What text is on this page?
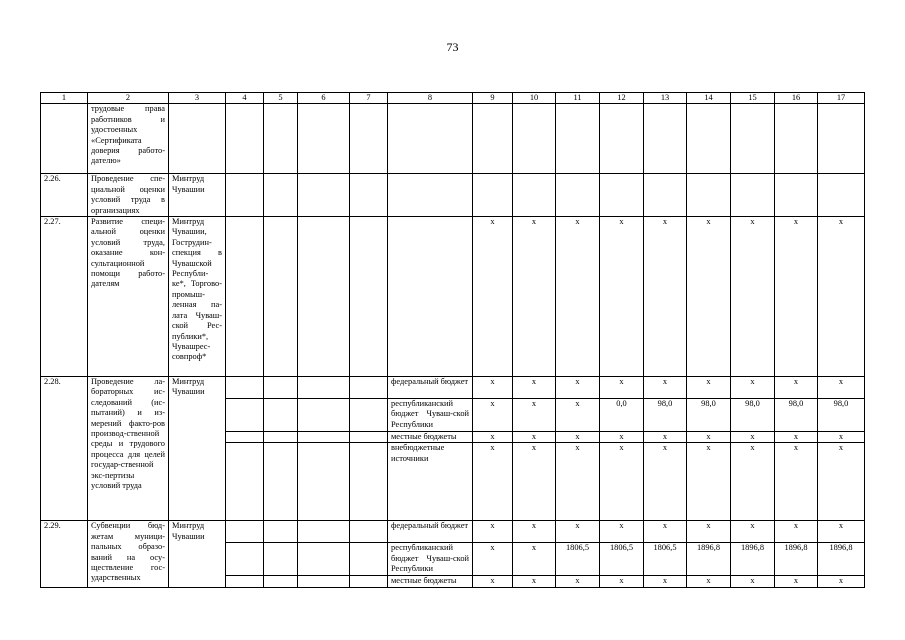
73
1	2	3	4	5	6	7	8	9	10	11	12	13	14	15	16	17
	трудовые права работников и удостоенных «Сертификата доверия работо-дателю»															
2.26.	Проведение спе-циальной оценки условий труда в организациях	Минтруд Чувашии														
2.27.	Развитие специ-альной оценки условий труда, оказание кон-сультационной помощи работо-дателям	Минтруд Чувашии, Гострудин-спекция в Чувашской Республи-ке*, Торгово-промыш-ленная па-лата Чуваш-ской Рес-публики*, Чувашрес-совпроф*						х	х	х	х	х	х	х	х	х
2.28.	Проведение ла-бораторных ис-следований (ис-пытаний) и из-мерений факто-ров производ-ственной среды и трудового процесса для целей государ-ственной экс-пертизы условий труда	Минтруд Чувашии					федеральный бюджет	х	х	х	х	х	х	х	х	х
							республиканский бюджет Чуваш-ской Республики	х	х	х	0,0	98,0	98,0	98,0	98,0	98,0
							местные бюджеты	х	х	х	х	х	х	х	х	х
							внебюджетные источники	х	х	х	х	х	х	х	х	х
2.29.	Субвенции бюд-жетам муници-пальных образо-ваний на осу-ществление гос-ударственных	Минтруд Чувашии					федеральный бюджет	х	х	х	х	х	х	х	х	х
							республиканский бюджет Чуваш-ской Республики	х	х	1806,5	1806,5	1806,5	1896,8	1896,8	1896,8	1896,8
							местные бюджеты	х	х	х	х	х	х	х	х	х
